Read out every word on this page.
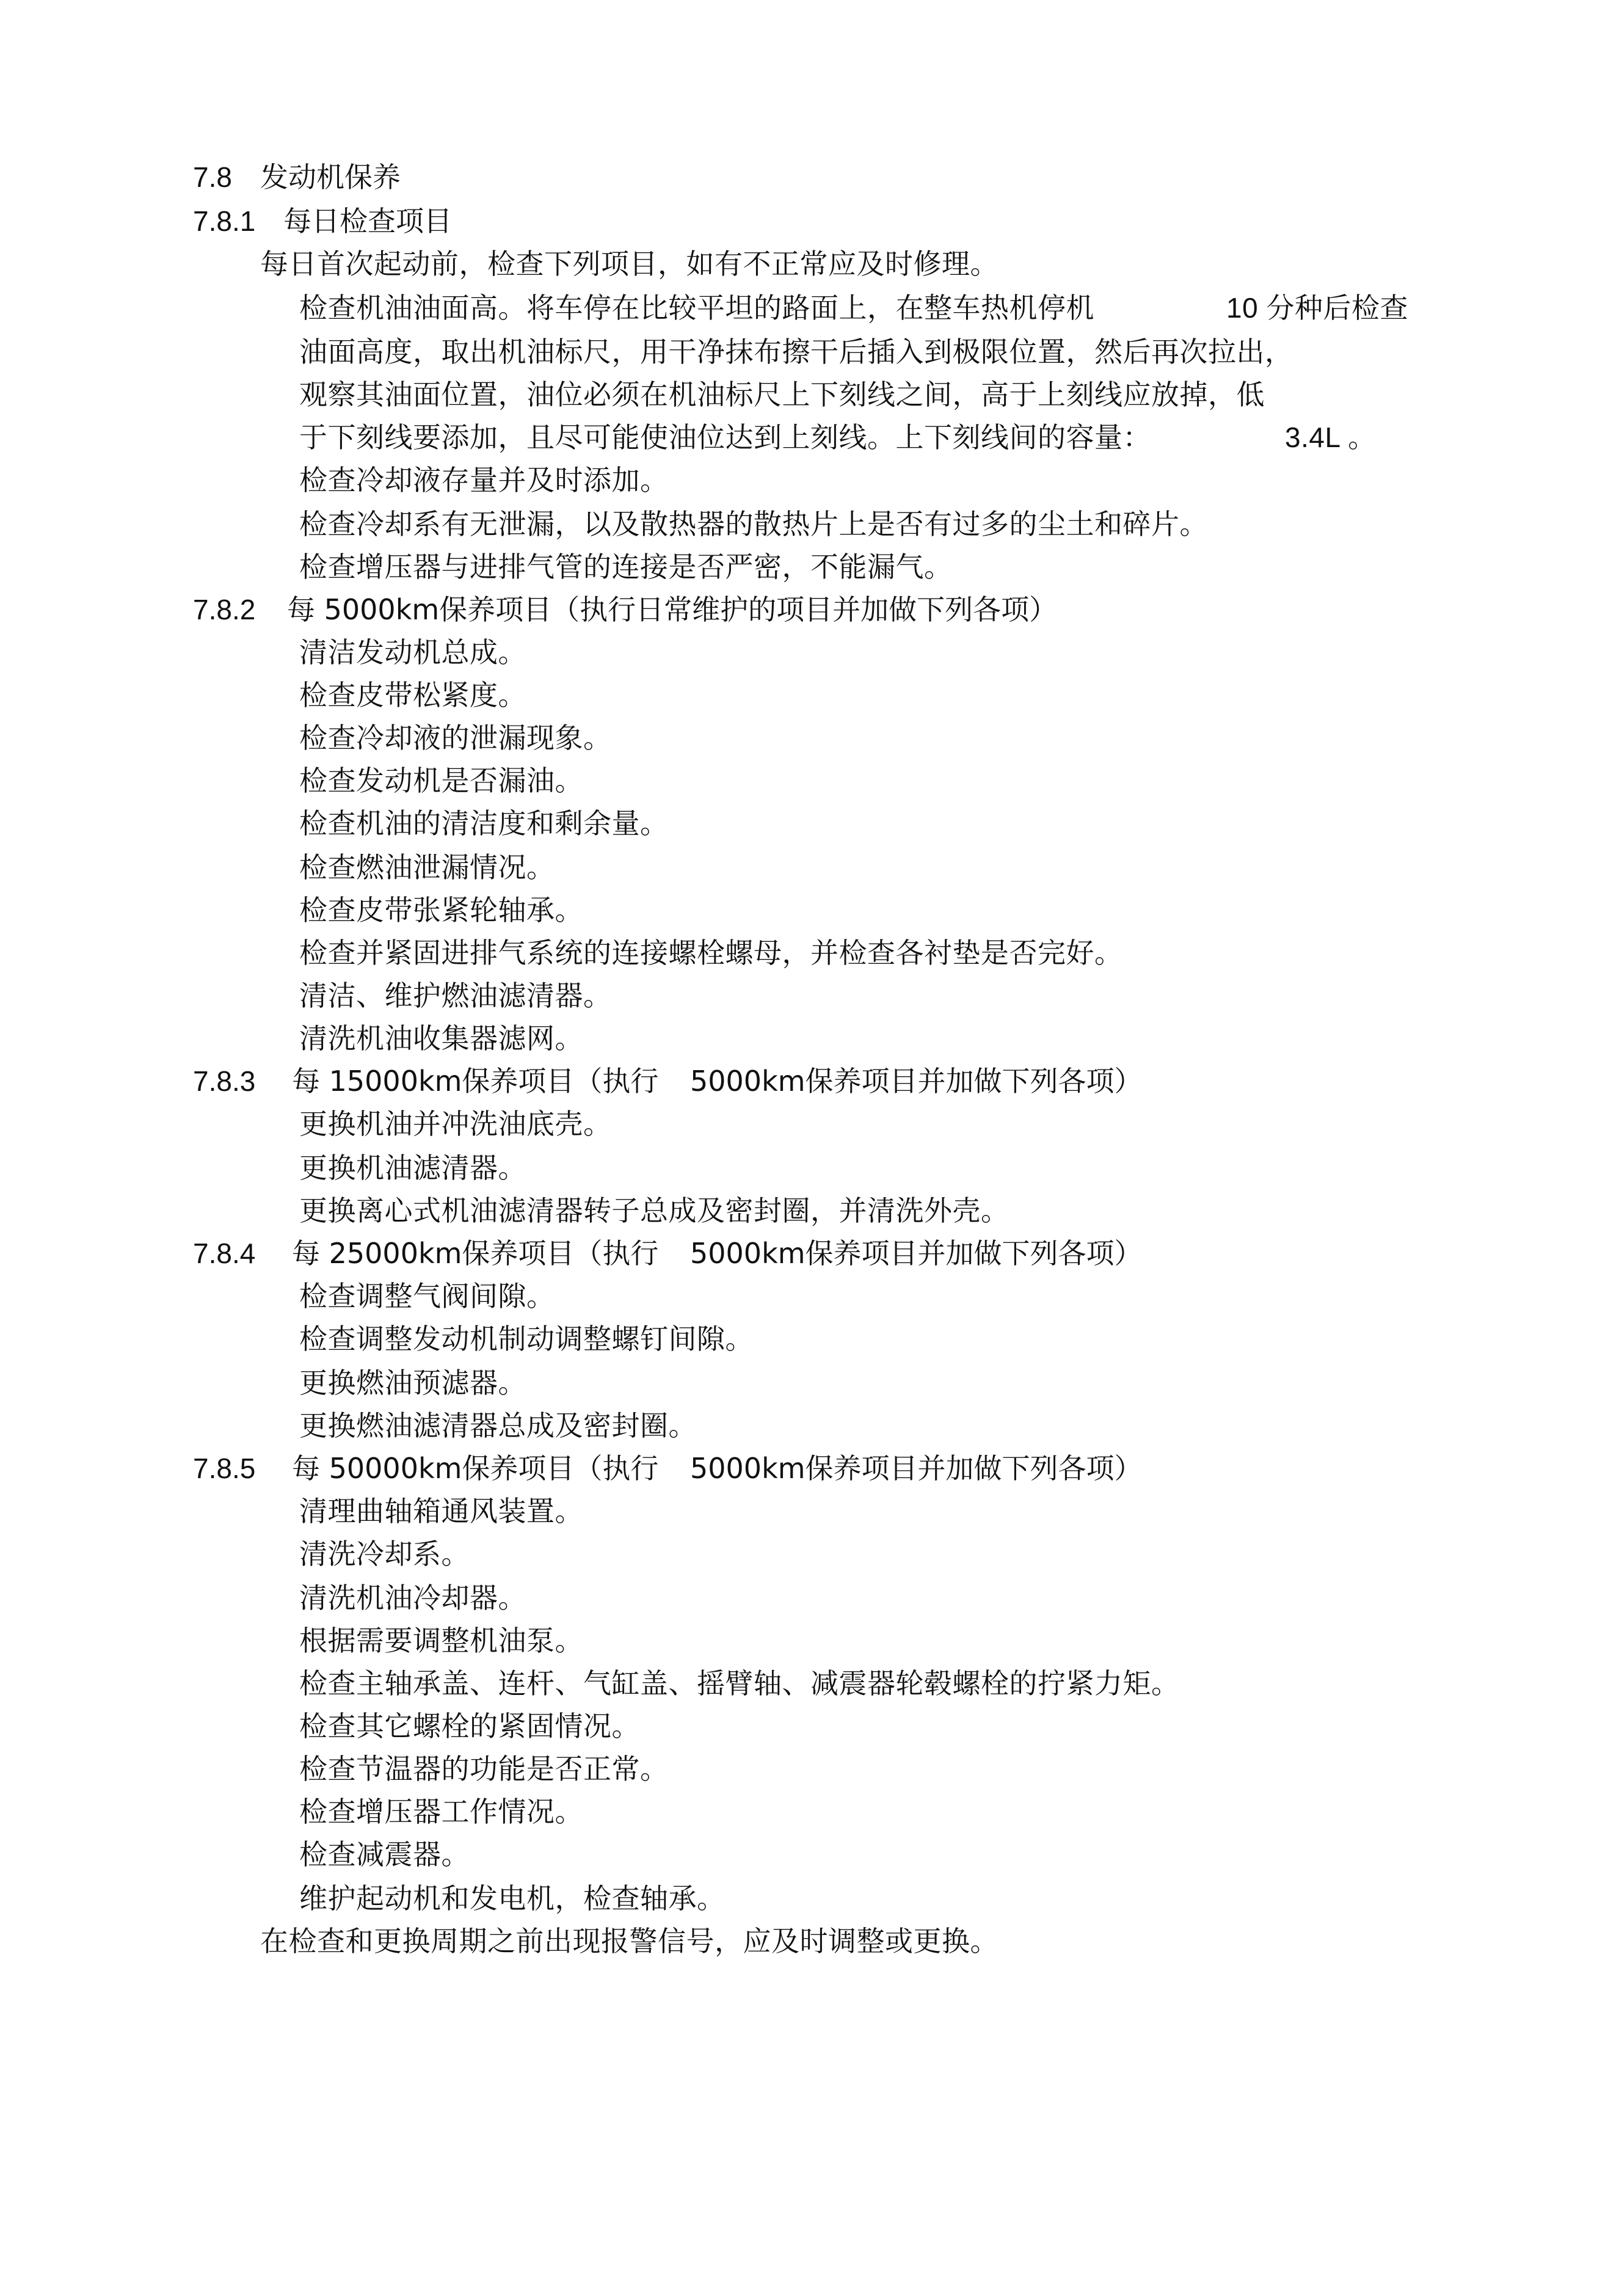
7.8 发动机保养
7.8.1 每日检查项目
每日首次起动前，检查下列项目，如有不正常应及时修理。
检查机油油面高。将车停在比较平坦的路面上，在整车热机停机	10 分种后检查
油面高度，取出机油标尺，用干净抹布擦干后插入到极限位置，然后再次拉出，
观察其油面位置，油位必须在机油标尺上下刻线之间，高于上刻线应放掉，低
于下刻线要添加，且尽可能使油位达到上刻线。上下刻线间的容量：	3.4L 。
检查冷却液存量并及时添加。
检查冷却系有无泄漏，以及散热器的散热片上是否有过多的尘土和碎片。
检查增压器与进排气管的连接是否严密，不能漏气。
7.8.2 每 5000km保养项目（执行日常维护的项目并加做下列各项）
清洁发动机总成。
检查皮带松紧度。
检查冷却液的泄漏现象。
检查发动机是否漏油。
检查机油的清洁度和剩余量。
检查燃油泄漏情况。
检查皮带张紧轮轴承。
检查并紧固进排气系统的连接螺栓螺母，并检查各衬垫是否完好。
清洁、维护燃油滤清器。
清洗机油收集器滤网。
7.8.3 每 15000km保养项目（执行 5000km保养项目并加做下列各项）
更换机油并冲洗油底壳。
更换机油滤清器。
更换离心式机油滤清器转子总成及密封圈，并清洗外壳。
7.8.4 每 25000km保养项目（执行 5000km保养项目并加做下列各项）
检查调整气阀间隙。
检查调整发动机制动调整螺钉间隙。
更换燃油预滤器。
更换燃油滤清器总成及密封圈。
7.8.5 每 50000km保养项目（执行 5000km保养项目并加做下列各项）
清理曲轴箱通风装置。
清洗冷却系。
清洗机油冷却器。
根据需要调整机油泵。
检查主轴承盖、连杆、气缸盖、摇臂轴、减震器轮毂螺栓的拧紧力矩。
检查其它螺栓的紧固情况。
检查节温器的功能是否正常。
检查增压器工作情况。
检查减震器。
维护起动机和发电机，检查轴承。
在检查和更换周期之前出现报警信号，应及时调整或更换。
